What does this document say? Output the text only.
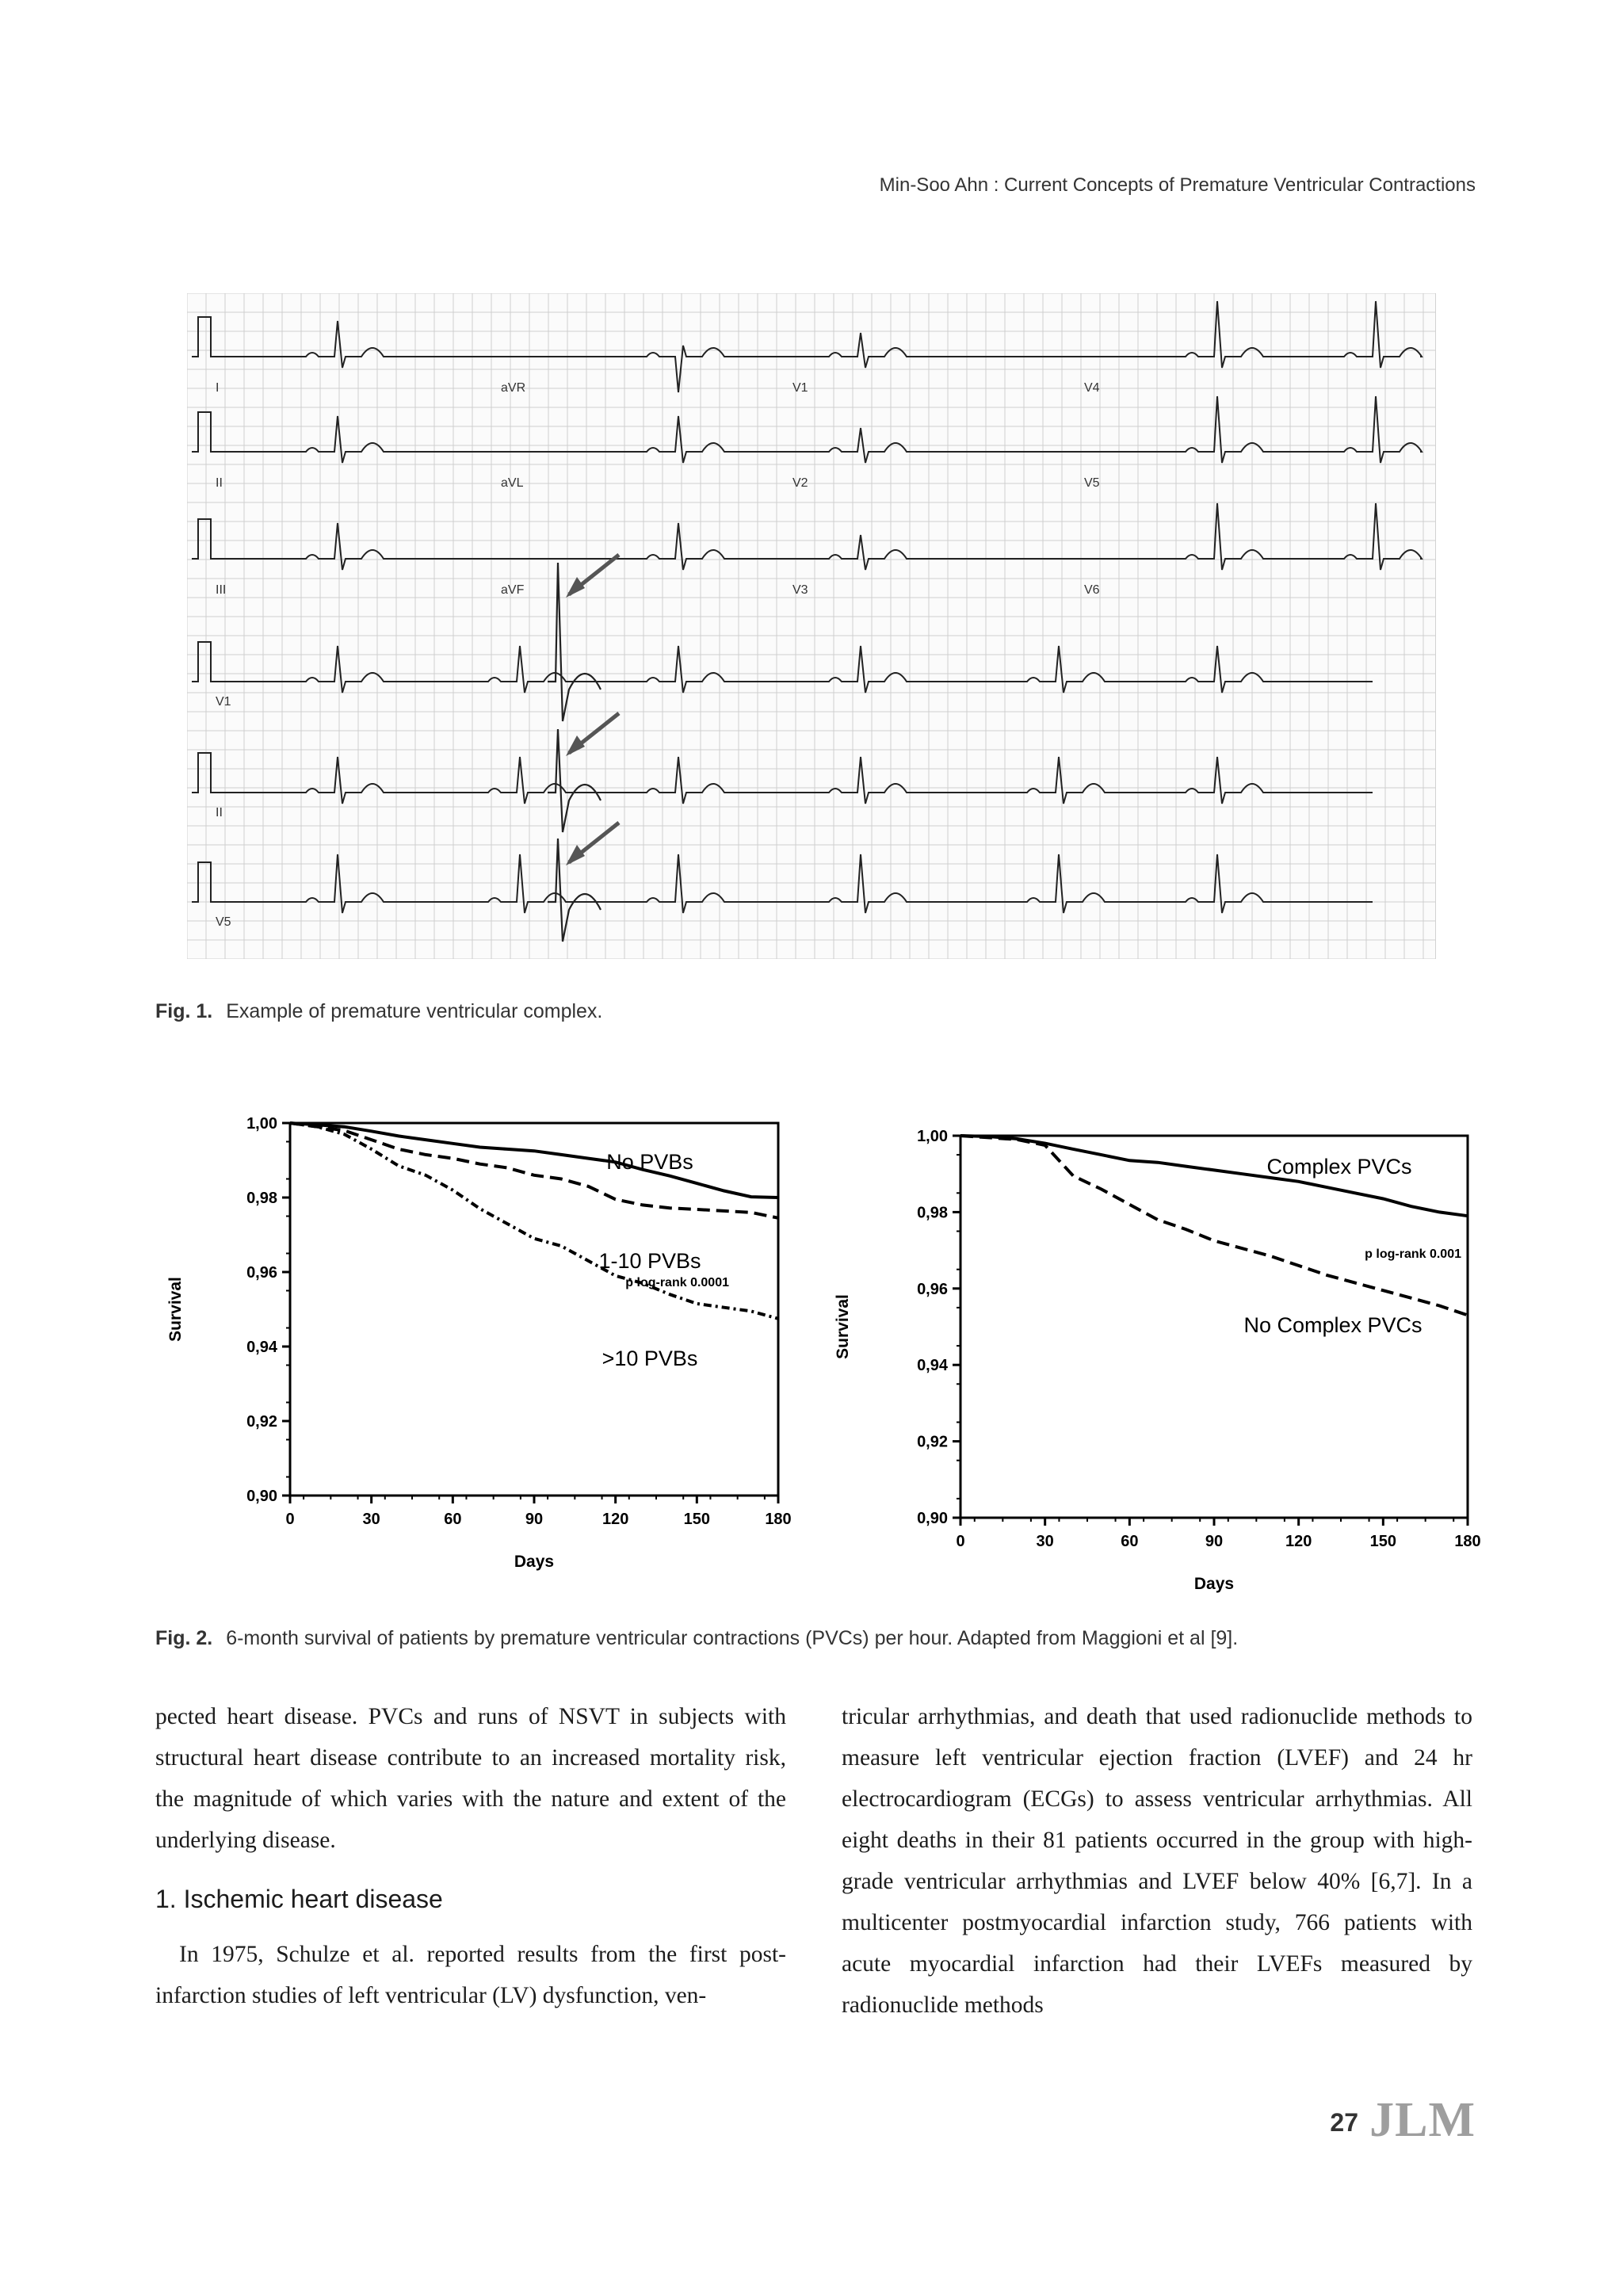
Min-Soo Ahn : Current Concepts of Premature Ventricular Contractions
I	aVR	V1	V4
II	aVL	V2	V5
III	aVF	V3	V6
V1
II
V5
Fig. 1. Example of premature ventricular complex.
0	30	60	90	120	150	180
0,90
0,92
0,94
0,96
0,98
1,00
Days
Survival
No PVBs
1-10 PVBs
>10 PVBs
p log-rank 0.0001
0	30	60	90	120	150	180
0,90
0,92
0,94
0,96
0,98
1,00
Days
Survival
Complex PVCs
No Complex PVCs
p log-rank 0.001
Fig. 2. 6-month survival of patients by premature ventricular contractions (PVCs) per hour. Adapted from Maggioni et al [9].

pected heart disease. PVCs and runs of NSVT in subjects with structural heart disease contribute to an increased mortality risk, the magnitude of which varies with the nature and extent of the underlying disease.

1. Ischemic heart disease

In 1975, Schulze et al. reported results from the first post-infarction studies of left ventricular (LV) dysfunction, ven-

tricular arrhythmias, and death that used radionuclide methods to measure left ventricular ejection fraction (LVEF) and 24 hr electrocardiogram (ECGs) to assess ventricular arrhythmias. All eight deaths in their 81 patients occurred in the group with high-grade ventricular arrhythmias and LVEF below 40% [6,7]. In a multicenter postmyocardial infarction study, 766 patients with acute myocardial infarction had their LVEFs measured by radionuclide methods

27 JLM
